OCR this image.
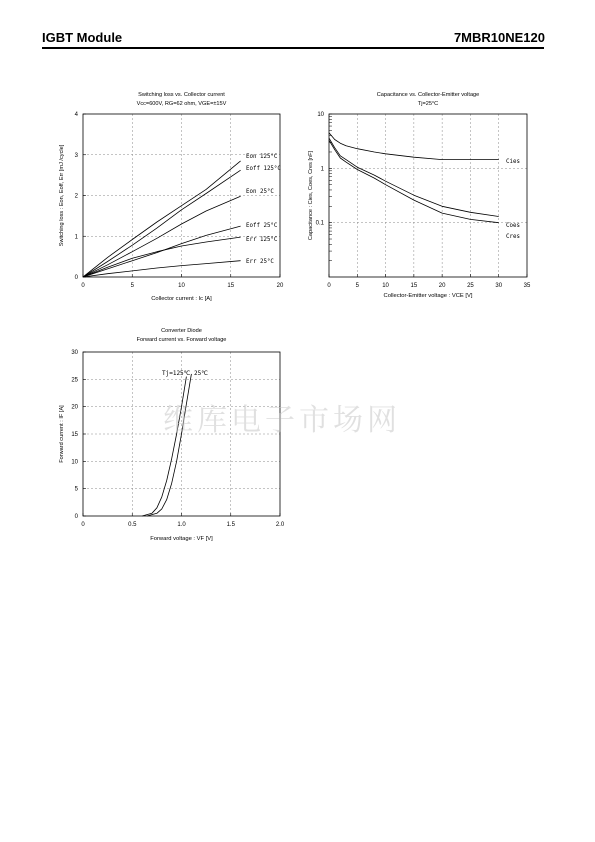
IGBT Module	7MBR10NE120
0	5	10	15	20
0
1
2
3
4
Switching loss vs. Collector current
Vcc=600V, RG=62 ohm, VGE=±15V
Collector current : Ic [A]
Switching loss : Eon, Eoff, Err [mJ /cycle]	Eon 125°C
Eoff 125°C
Eon 25°C
Eoff 25°C
Err 125°C
Err 25°C
0	5	10	15	20	25	30	35
0.1
1
10
Capacitance vs. Collector-Emitter voltage
Tj=25°C
Collector-Emitter voltage : VCE [V]
Capacitance : Cies, Coes, Cres [nF]	Cies
Coes
Cres
0	0.5	1.0	1.5	2.0
0
5
10
15
20
25
30
Converter Diode
Forward current vs. Forward voltage
Forward voltage : VF [V]
Forward current : IF [A]
Tj=125℃ 25℃
维库电子市场网
